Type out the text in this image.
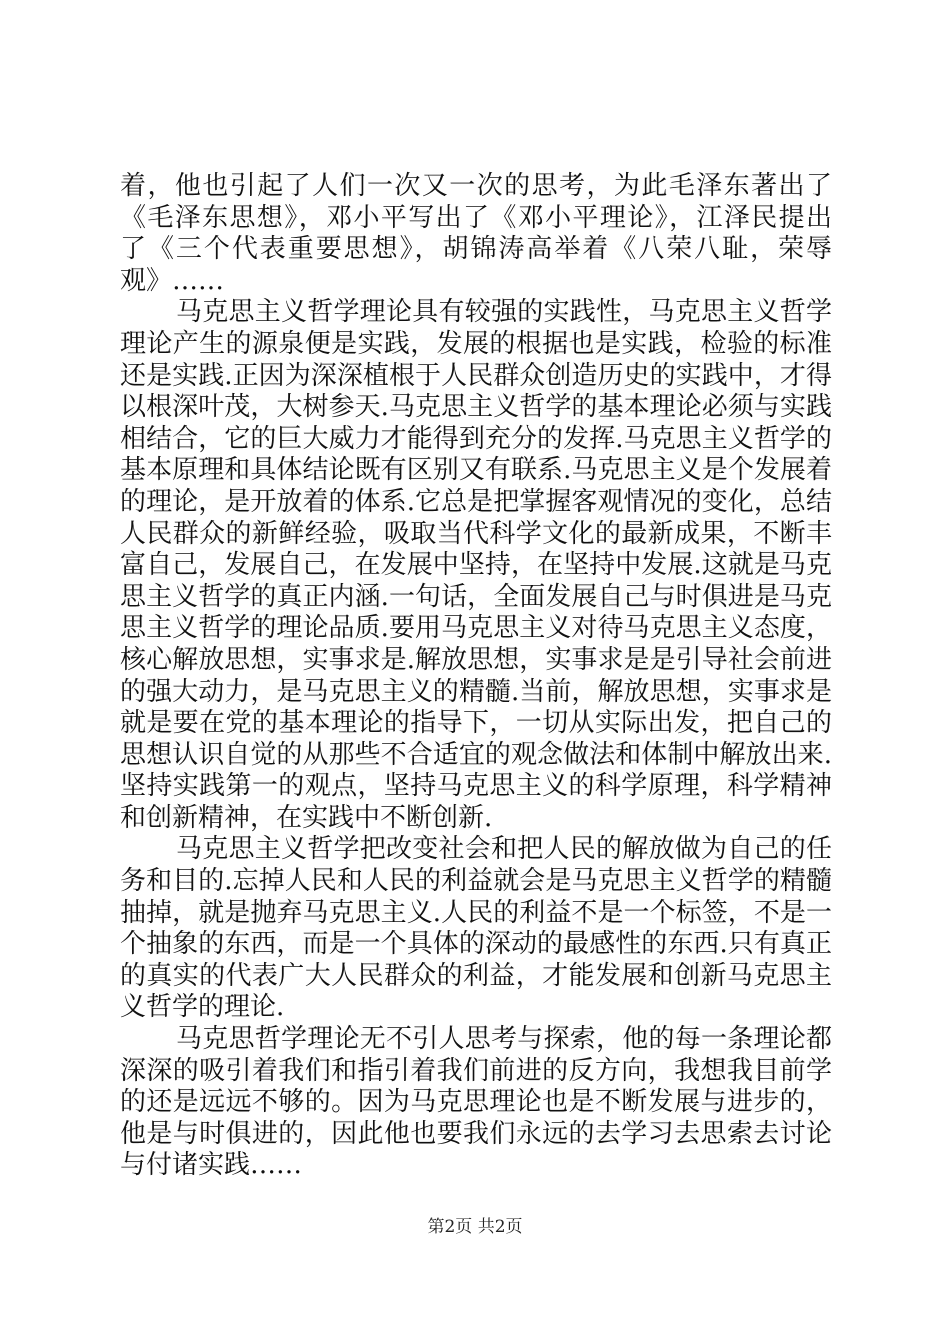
着，他也引起了人们一次又一次的思考，为此毛泽东著出了
《毛泽东思想》，邓小平写出了《邓小平理论》，江泽民提出
了《三个代表重要思想》，胡锦涛高举着《八荣八耻，荣辱
观》……
马克思主义哲学理论具有较强的实践性，马克思主义哲学
理论产生的源泉便是实践，发展的根据也是实践，检验的标准
还是实践.正因为深深植根于人民群众创造历史的实践中，才得
以根深叶茂，大树参天.马克思主义哲学的基本理论必须与实践
相结合，它的巨大威力才能得到充分的发挥.马克思主义哲学的
基本原理和具体结论既有区别又有联系.马克思主义是个发展着
的理论，是开放着的体系.它总是把掌握客观情况的变化，总结
人民群众的新鲜经验，吸取当代科学文化的最新成果，不断丰
富自己，发展自己，在发展中坚持，在坚持中发展.这就是马克
思主义哲学的真正内涵.一句话，全面发展自己与时俱进是马克
思主义哲学的理论品质.要用马克思主义对待马克思主义态度，
核心解放思想，实事求是.解放思想，实事求是是引导社会前进
的强大动力，是马克思主义的精髓.当前，解放思想，实事求是
就是要在党的基本理论的指导下，一切从实际出发，把自己的
思想认识自觉的从那些不合适宜的观念做法和体制中解放出来.
坚持实践第一的观点，坚持马克思主义的科学原理，科学精神
和创新精神，在实践中不断创新.
马克思主义哲学把改变社会和把人民的解放做为自己的任
务和目的.忘掉人民和人民的利益就会是马克思主义哲学的精髓
抽掉，就是抛弃马克思主义.人民的利益不是一个标签，不是一
个抽象的东西，而是一个具体的深动的最感性的东西.只有真正
的真实的代表广大人民群众的利益，才能发展和创新马克思主
义哲学的理论.
马克思哲学理论无不引人思考与探索，他的每一条理论都
深深的吸引着我们和指引着我们前进的反方向，我想我目前学
的还是远远不够的。因为马克思理论也是不断发展与进步的，
他是与时俱进的，因此他也要我们永远的去学习去思索去讨论
与付诸实践……
第2页 共2页
